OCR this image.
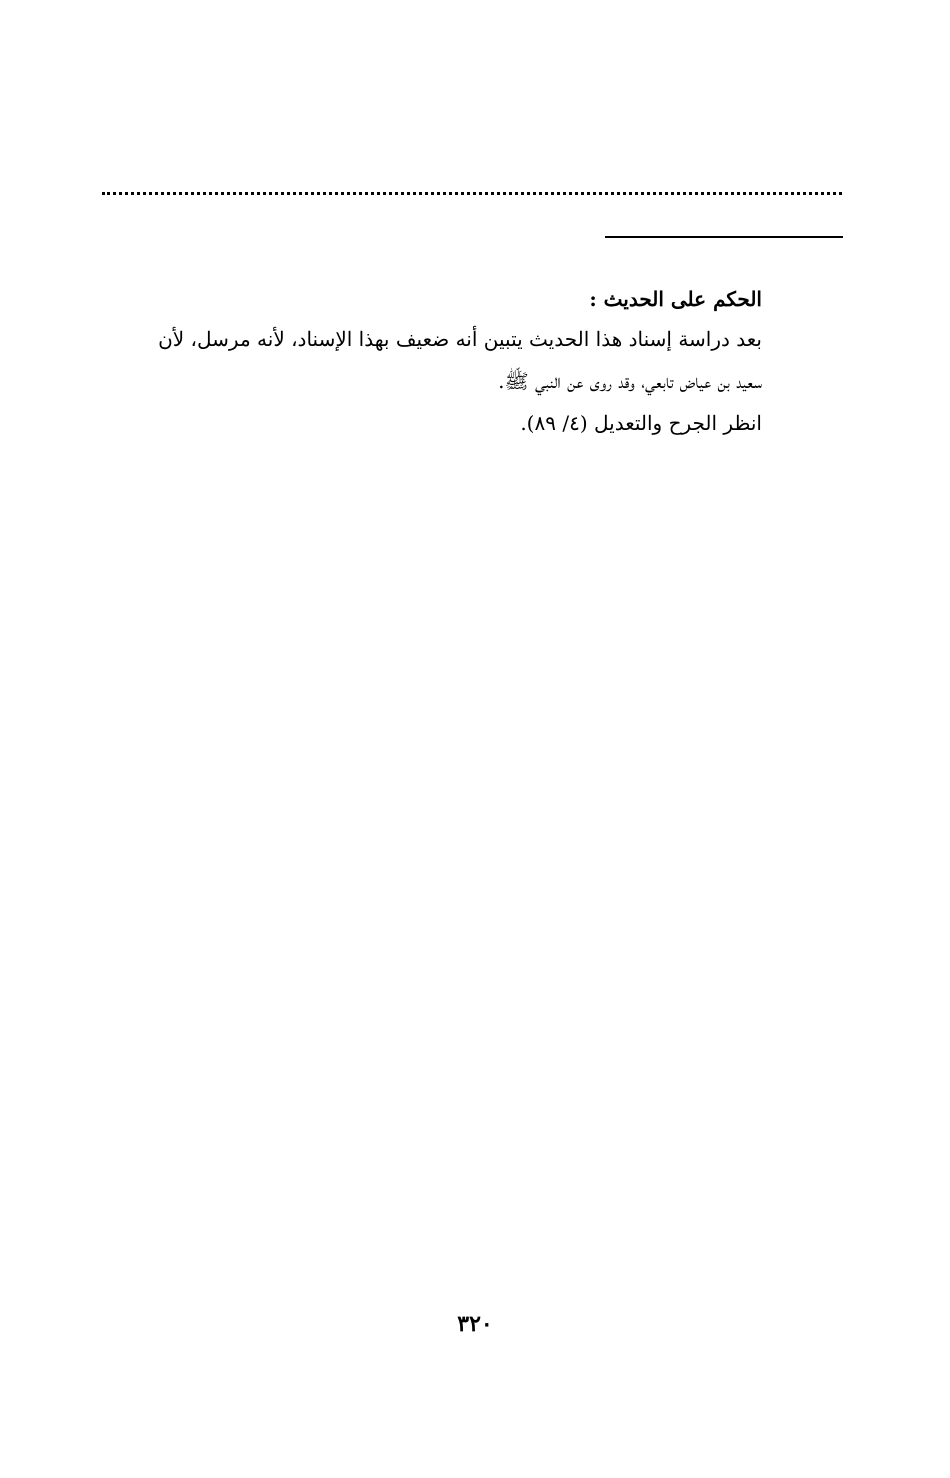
الحكم على الحديث :

بعد دراسة إسناد هذا الحديث يتبين أنه ضعيف بهذا الإسناد، لأنه مرسل، لأن

سعيد بن عياض تابعي، وقد روى عن النبي ﷺ.

انظر الجرح والتعديل (٤/ ٨٩).

٣٢٠
